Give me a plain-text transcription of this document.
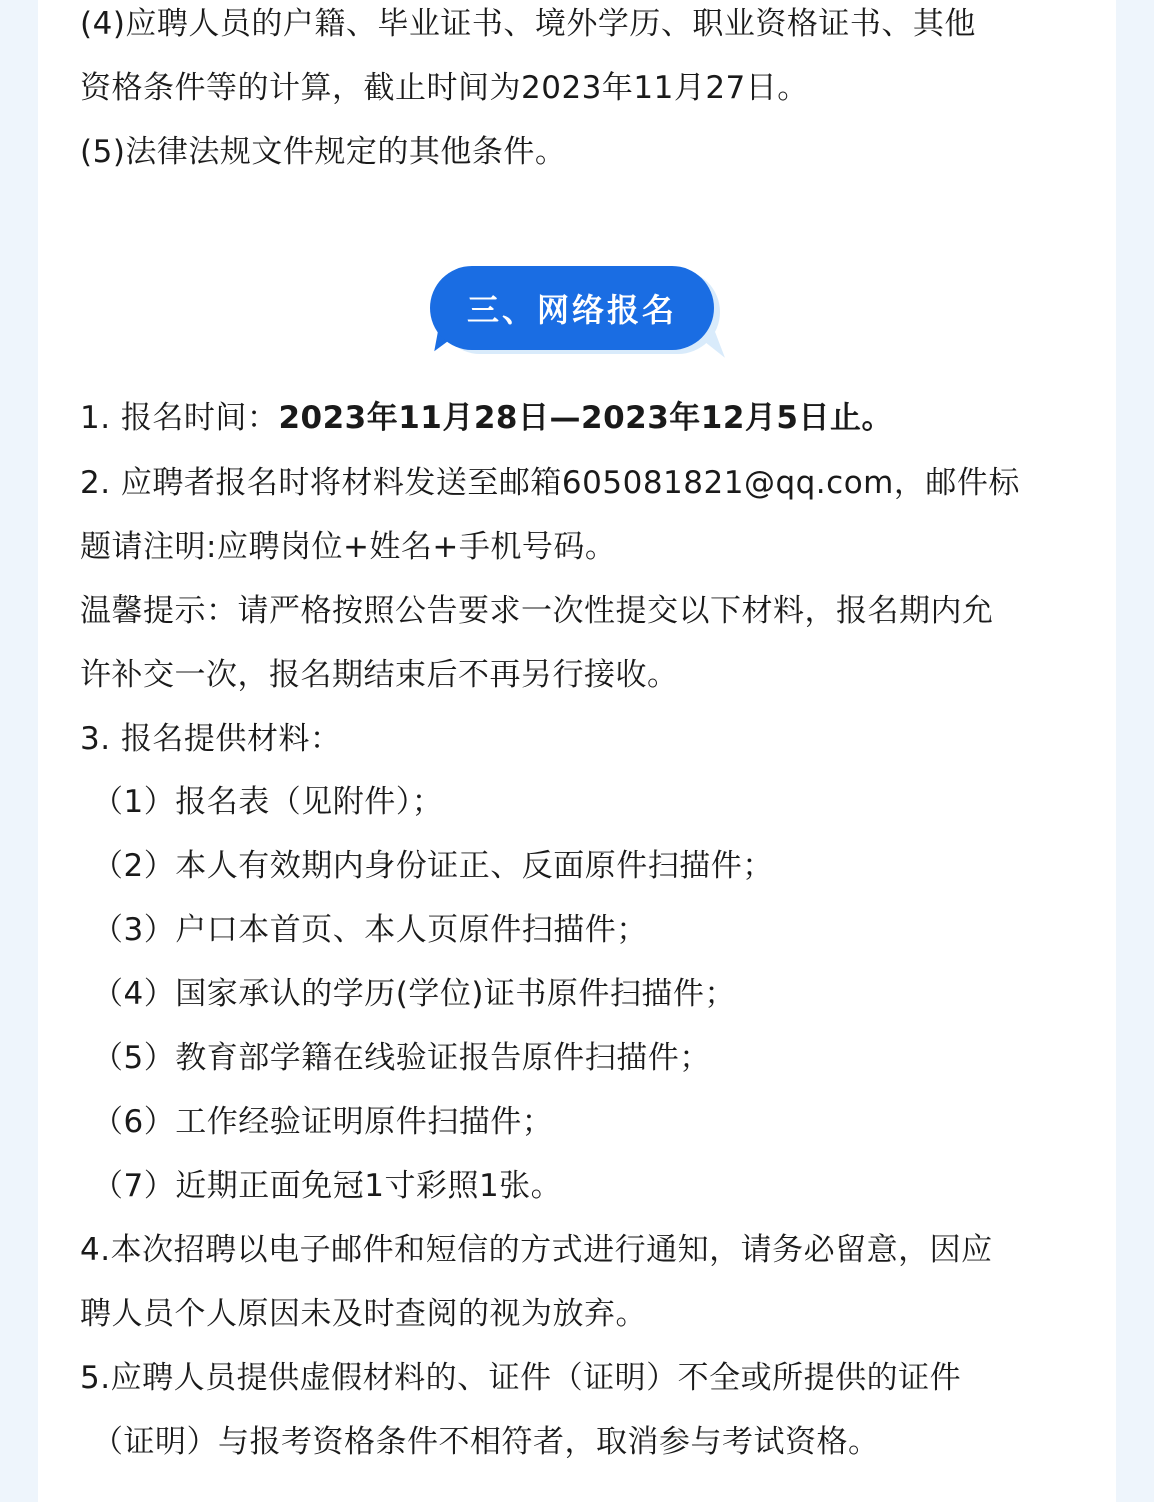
(4)应聘人员的户籍、毕业证书、境外学历、职业资格证书、其他
资格条件等的计算，截止时间为2023年11月27日。
(5)法律法规文件规定的其他条件。
三、网络报名
1. 报名时间：2023年11月28日—2023年12月5日止。
2. 应聘者报名时将材料发送至邮箱605081821@qq.com，邮件标
题请注明:应聘岗位+姓名+手机号码。
温馨提示：请严格按照公告要求一次性提交以下材料，报名期内允
许补交一次，报名期结束后不再另行接收。
3. 报名提供材料：
（1）报名表（见附件）；
（2）本人有效期内身份证正、反面原件扫描件；
（3）户口本首页、本人页原件扫描件；
（4）国家承认的学历(学位)证书原件扫描件；
（5）教育部学籍在线验证报告原件扫描件；
（6）工作经验证明原件扫描件；
（7）近期正面免冠1寸彩照1张。
4.本次招聘以电子邮件和短信的方式进行通知，请务必留意，因应
聘人员个人原因未及时查阅的视为放弃。
5.应聘人员提供虚假材料的、证件（证明）不全或所提供的证件
（证明）与报考资格条件不相符者，取消参与考试资格。
